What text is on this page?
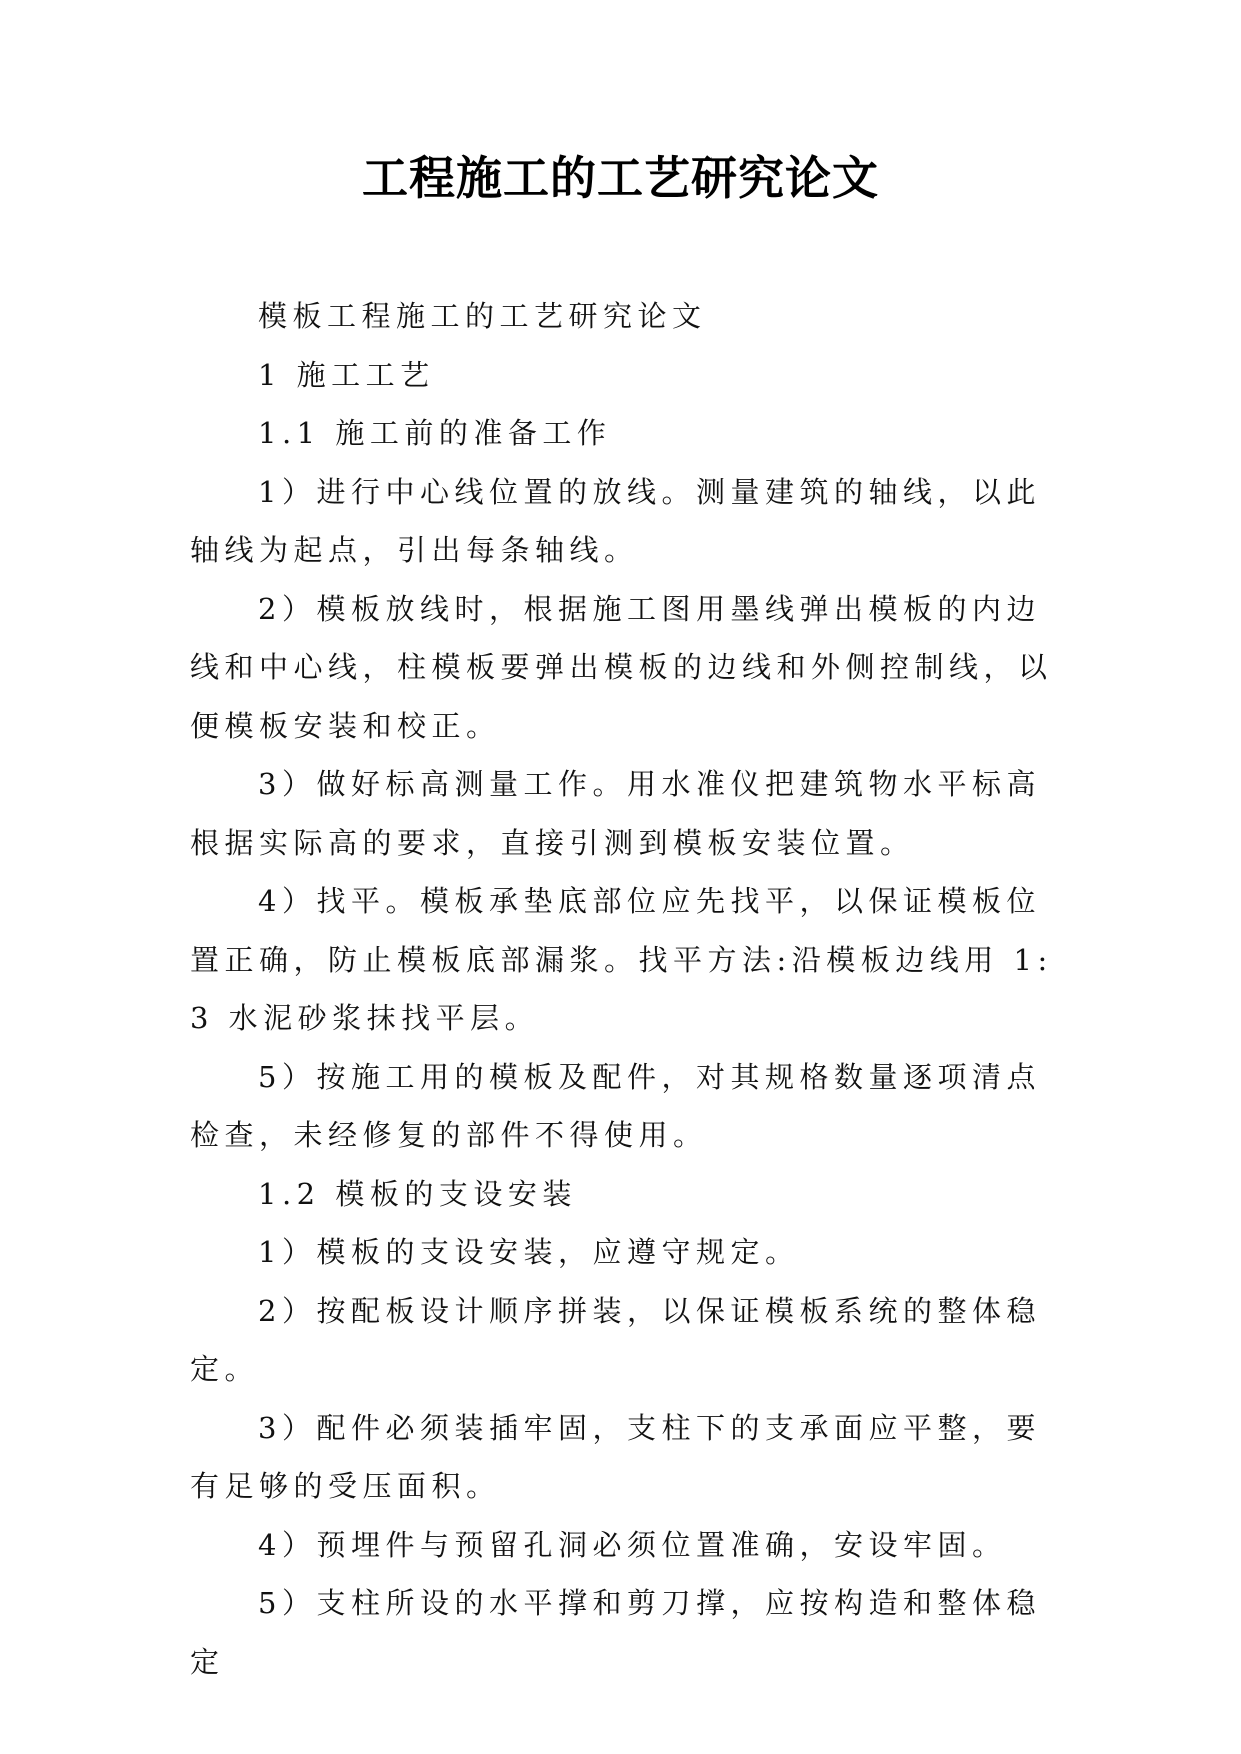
工程施工的工艺研究论文

模板工程施工的工艺研究论文

1 施工工艺

1.1 施工前的准备工作

1）进行中心线位置的放线。测量建筑的轴线，以此轴线为起点，引出每条轴线。

2）模板放线时，根据施工图用墨线弹出模板的内边线和中心线，柱模板要弹出模板的边线和外侧控制线，以便模板安装和校正。

3）做好标高测量工作。用水准仪把建筑物水平标高根据实际高的要求，直接引测到模板安装位置。

4）找平。模板承垫底部位应先找平，以保证模板位置正确，防止模板底部漏浆。找平方法:沿模板边线用 1:3 水泥砂浆抹找平层。

5）按施工用的模板及配件，对其规格数量逐项清点检查，未经修复的部件不得使用。

1.2 模板的支设安装

1）模板的支设安装，应遵守规定。

2）按配板设计顺序拼装，以保证模板系统的整体稳定。

3）配件必须装插牢固，支柱下的支承面应平整，要有足够的受压面积。

4）预埋件与预留孔洞必须位置准确，安设牢固。

5）支柱所设的水平撑和剪刀撑，应按构造和整体稳定
